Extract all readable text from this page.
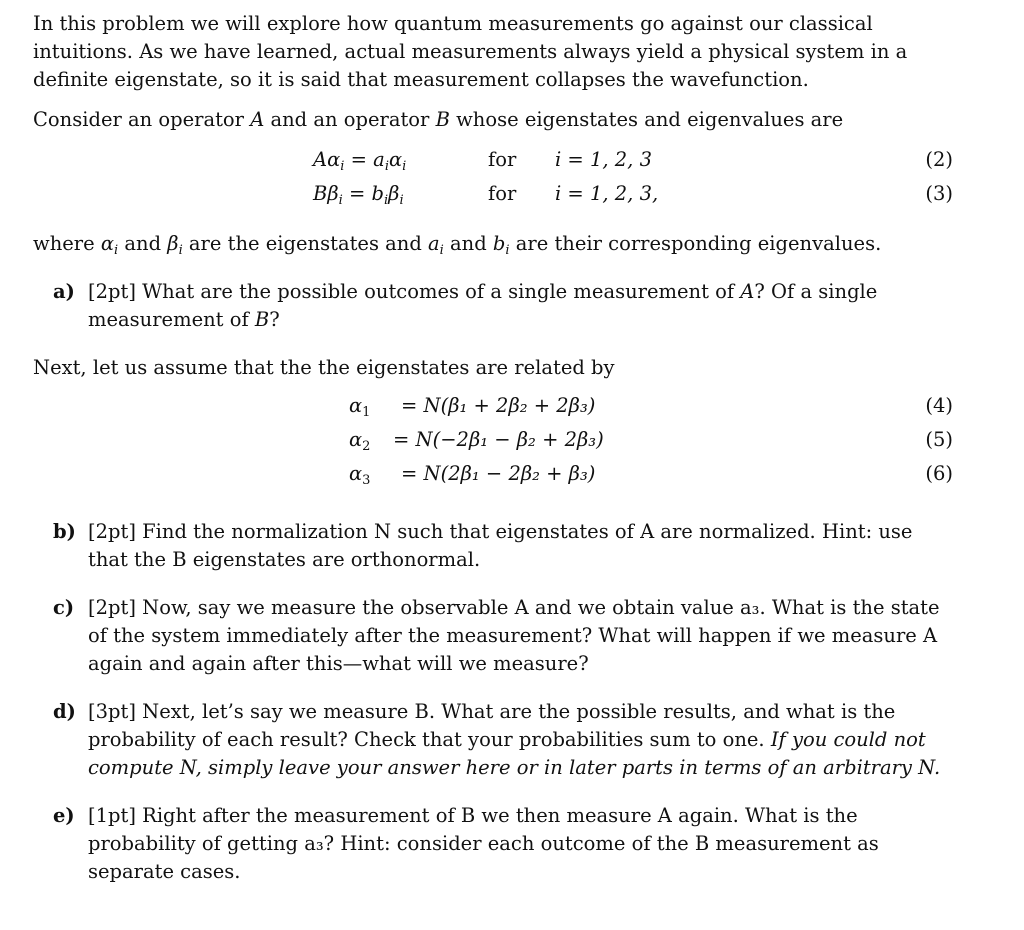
In this problem we will explore how quantum measurements go against our classical intuitions. As we have learned, actual measurements always yield a physical system in a definite eigenstate, so it is said that measurement collapses the wavefunction.

Consider an operator A and an operator B whose eigenstates and eigenvalues are

$A\alpha_i = a_i\alpha_i$	for i = 1, 2, 3	(2)
$B\beta_i = b_i\beta_i$	for i = 1, 2, 3,	(3)

where $\alpha_i$ and $\beta_i$ are the eigenstates and $a_i$ and $b_i$ are their corresponding eigenvalues.

a) [2pt] What are the possible outcomes of a single measurement of A? Of a single measurement of B?

Next, let us assume that the the eigenstates are related by

$\alpha_1 = N(\beta_1 + 2\beta_2 + 2\beta_3)$	(4)
$\alpha_2 = N(-2\beta_1 - \beta_2 + 2\beta_3)$	(5)
$\alpha_3 = N(2\beta_1 - 2\beta_2 + \beta_3)$	(6)
b) [2pt] Find the normalization N such that eigenstates of A are normalized. Hint: use that the B eigenstates are orthonormal.

c) [2pt] Now, say we measure the observable A and we obtain value a₃. What is the state of the system immediately after the measurement? What will happen if we measure A again and again after this—what will we measure?

d) [3pt] Next, let’s say we measure B. What are the possible results, and what is the probability of each result? Check that your probabilities sum to one. If you could not compute N, simply leave your answer here or in later parts in terms of an arbitrary N.

e) [1pt] Right after the measurement of B we then measure A again. What is the probability of getting a₃? Hint: consider each outcome of the B measurement as separate cases.
